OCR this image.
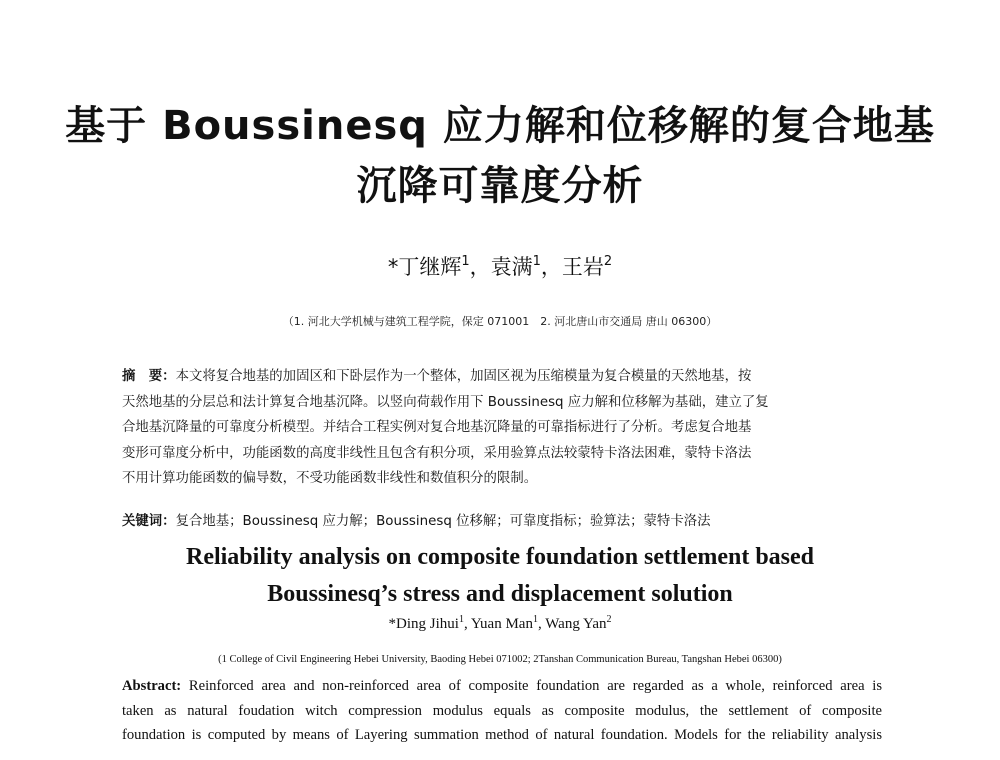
基于 Boussinesq 应力解和位移解的复合地基
沉降可靠度分析
*丁继辉$^1$，袁满$^1$，王岩$^2$
（1. 河北大学机械与建筑工程学院，保定 071001　2. 河北唐山市交通局 唐山 06300）
摘　要：本文将复合地基的加固区和下卧层作为一个整体，加固区视为压缩模量为复合模量的天然地基，按
天然地基的分层总和法计算复合地基沉降。以竖向荷载作用下 Boussinesq 应力解和位移解为基础，建立了复
合地基沉降量的可靠度分析模型。并结合工程实例对复合地基沉降量的可靠指标进行了分析。考虑复合地基
变形可靠度分析中，功能函数的高度非线性且包含有积分项，采用验算点法较蒙特卡洛法困难，蒙特卡洛法
不用计算功能函数的偏导数，不受功能函数非线性和数值积分的限制。
关键词：复合地基；Boussinesq 应力解；Boussinesq 位移解；可靠度指标；验算法；蒙特卡洛法
Reliability analysis on composite foundation settlement based
Boussinesq’s stress and displacement solution
*Ding Jihui$^1$, Yuan Man$^1$, Wang Yan$^2$
(1 College of Civil Engineering Hebei University, Baoding Hebei 071002; 2Tanshan Communication Bureau, Tangshan Hebei 06300)
Abstract: Reinforced area and non-reinforced area of composite foundation are regarded as a whole, reinforced area is
taken as natural foudation witch compression modulus equals as composite modulus, the settlement of composite
foundation is computed by means of Layering summation method of natural foundation. Models for the reliability analysis
